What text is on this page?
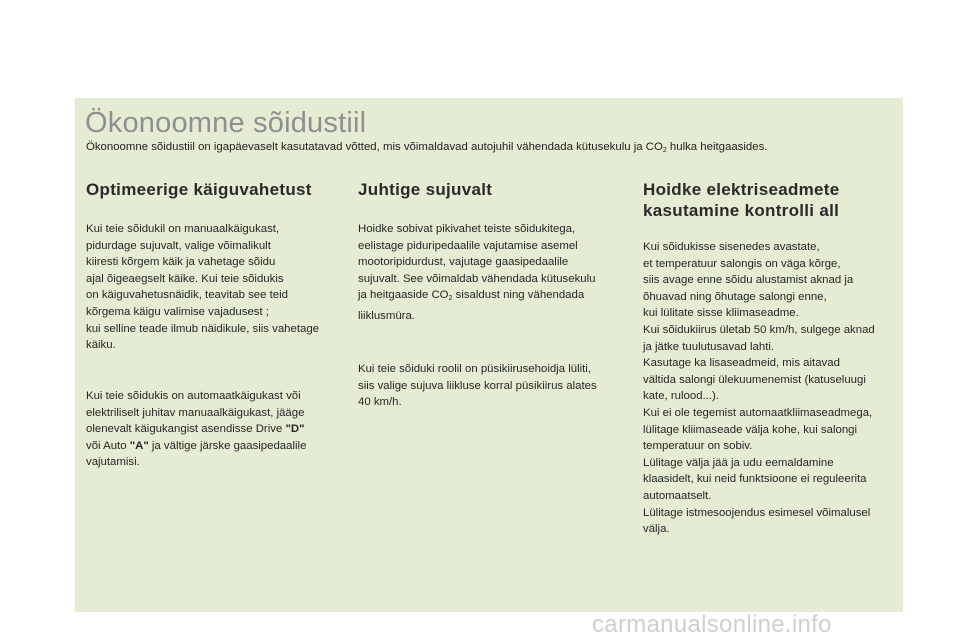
Ökonoomne sõidustiil
Ökonoomne sõidustiil on igapäevaselt kasutatavad võtted, mis võimaldavad autojuhil vähendada kütusekulu ja $CO_2$ hulka heitgaasides.
Optimeerige käiguvahetust

Kui teie sõidukil on manuaalkäigukast,
pidurdage sujuvalt, valige võimalikult
kiiresti kõrgem käik ja vahetage sõidu
ajal õigeaegselt käike. Kui teie sõidukis
on käiguvahetusnäidik, teavitab see teid
kõrgema käigu valimise vajadusest ;
kui selline teade ilmub näidikule, siis vahetage
käiku.

Kui teie sõidukis on automaatkäigukast või
elektriliselt juhitav manuaalkäigukast, jääge
olenevalt käigukangist asendisse Drive "D"
või Auto "A" ja vältige järske gaasipedaalile
vajutamisi.

Juhtige sujuvalt

Hoidke sobivat pikivahet teiste sõidukitega,
eelistage piduripedaalile vajutamise asemel
mootoripidurdust, vajutage gaasipedaalile
sujuvalt. See võimaldab vähendada kütusekulu
ja heitgaaside $CO_2$ sisaldust ning vähendada
liiklusmüra.

Kui teie sõiduki roolil on püsikiirusehoidja lüliti,
siis valige sujuva liikluse korral püsikiirus alates
40 km/h.

Hoidke elektriseadmete
kasutamine kontrolli all

Kui sõidukisse sisenedes avastate,
et temperatuur salongis on väga kõrge,
siis avage enne sõidu alustamist aknad ja
õhuavad ning õhutage salongi enne,
kui lülitate sisse kliimaseadme.
Kui sõidukiirus ületab 50 km/h, sulgege aknad
ja jätke tuulutusavad lahti.
Kasutage ka lisaseadmeid, mis aitavad
vältida salongi ülekuumenemist (katuseluugi
kate, rulood...).
Kui ei ole tegemist automaatkliimaseadmega,
lülitage kliimaseade välja kohe, kui salongi
temperatuur on sobiv.
Lülitage välja jää ja udu eemaldamine
klaasidelt, kui neid funktsioone ei reguleerita
automaatselt.
Lülitage istmesoojendus esimesel võimalusel
välja.

carmanualsonline.info
